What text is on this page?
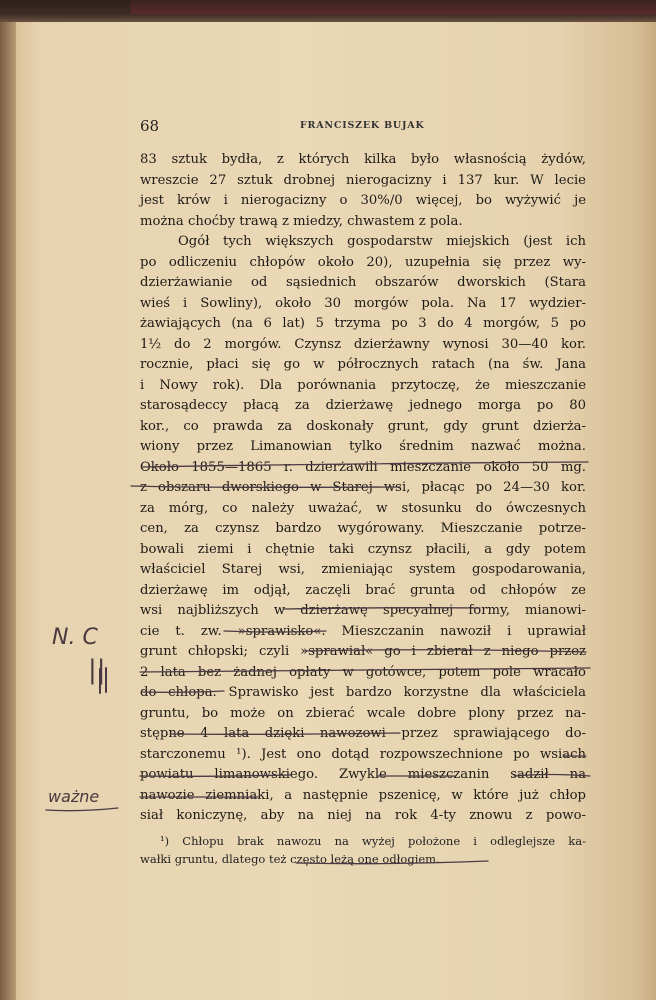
68	FRANCISZEK BUJAK
83 sztuk bydła, z których kilka było własnością żydów,
wreszcie 27 sztuk drobnej nierogacizny i 137 kur. W lecie
jest krów i nierogacizny o 30%/0 więcej, bo wyżywić je
można choćby trawą z miedzy, chwastem z pola.
Ogół tych większych gospodarstw miejskich (jest ich
po odliczeniu chłopów około 20), uzupełnia się przez wy-
dzierżawianie od sąsiednich obszarów dworskich (Stara
wieś i Sowliny), około 30 morgów pola. Na 17 wydzier-
żawiających (na 6 lat) 5 trzyma po 3 do 4 morgów, 5 po
1½ do 2 morgów. Czynsz dzierżawny wynosi 30—40 kor.
rocznie, płaci się go w półrocznych ratach (na św. Jana
i Nowy rok). Dla porównania przytoczę, że mieszczanie
starosądeccy płacą za dzierżawę jednego morga po 80
kor., co prawda za doskonały grunt, gdy grunt dzierża-
wiony przez Limanowian tylko średnim nazwać można.
Około 1855—1865 r. dzierżawili mieszczanie około 50 mg.
z obszaru dworskiego w Starej wsi, płacąc po 24—30 kor.
za mórg, co należy uważać, w stosunku do ówczesnych
cen, za czynsz bardzo wygórowany. Mieszczanie potrze-
bowali ziemi i chętnie taki czynsz płacili, a gdy potem
właściciel Starej wsi, zmieniając system gospodarowania,
dzierżawę im odjął, zaczęli brać grunta od chłopów ze
wsi najbliższych w dzierżawę specyalnej formy, mianowi-
cie t. zw. »sprawisko«. Mieszczanin nawoził i uprawiał
grunt chłopski; czyli »sprawiał« go i zbierał z niego przez
2 lata bez żadnej opłaty w gotówce, potem pole wracało
do chłopa. Sprawisko jest bardzo korzystne dla właściciela
gruntu, bo może on zbierać wcale dobre plony przez na-
stępne 4 lata dzięki nawozowi przez sprawiającego do-
starczonemu ¹). Jest ono dotąd rozpowszechnione po wsiach
powiatu limanowskiego. Zwykle mieszczanin sadził na
nawozie ziemniaki, a następnie pszenicę, w które już chłop
siał koniczynę, aby na niej na rok 4-ty znowu z powo-
¹) Chłopu brak nawozu na wyżej położone i odleglejsze ka-
wałki gruntu, dlatego też często leżą one odłogiem.
N. C
||
ważne
